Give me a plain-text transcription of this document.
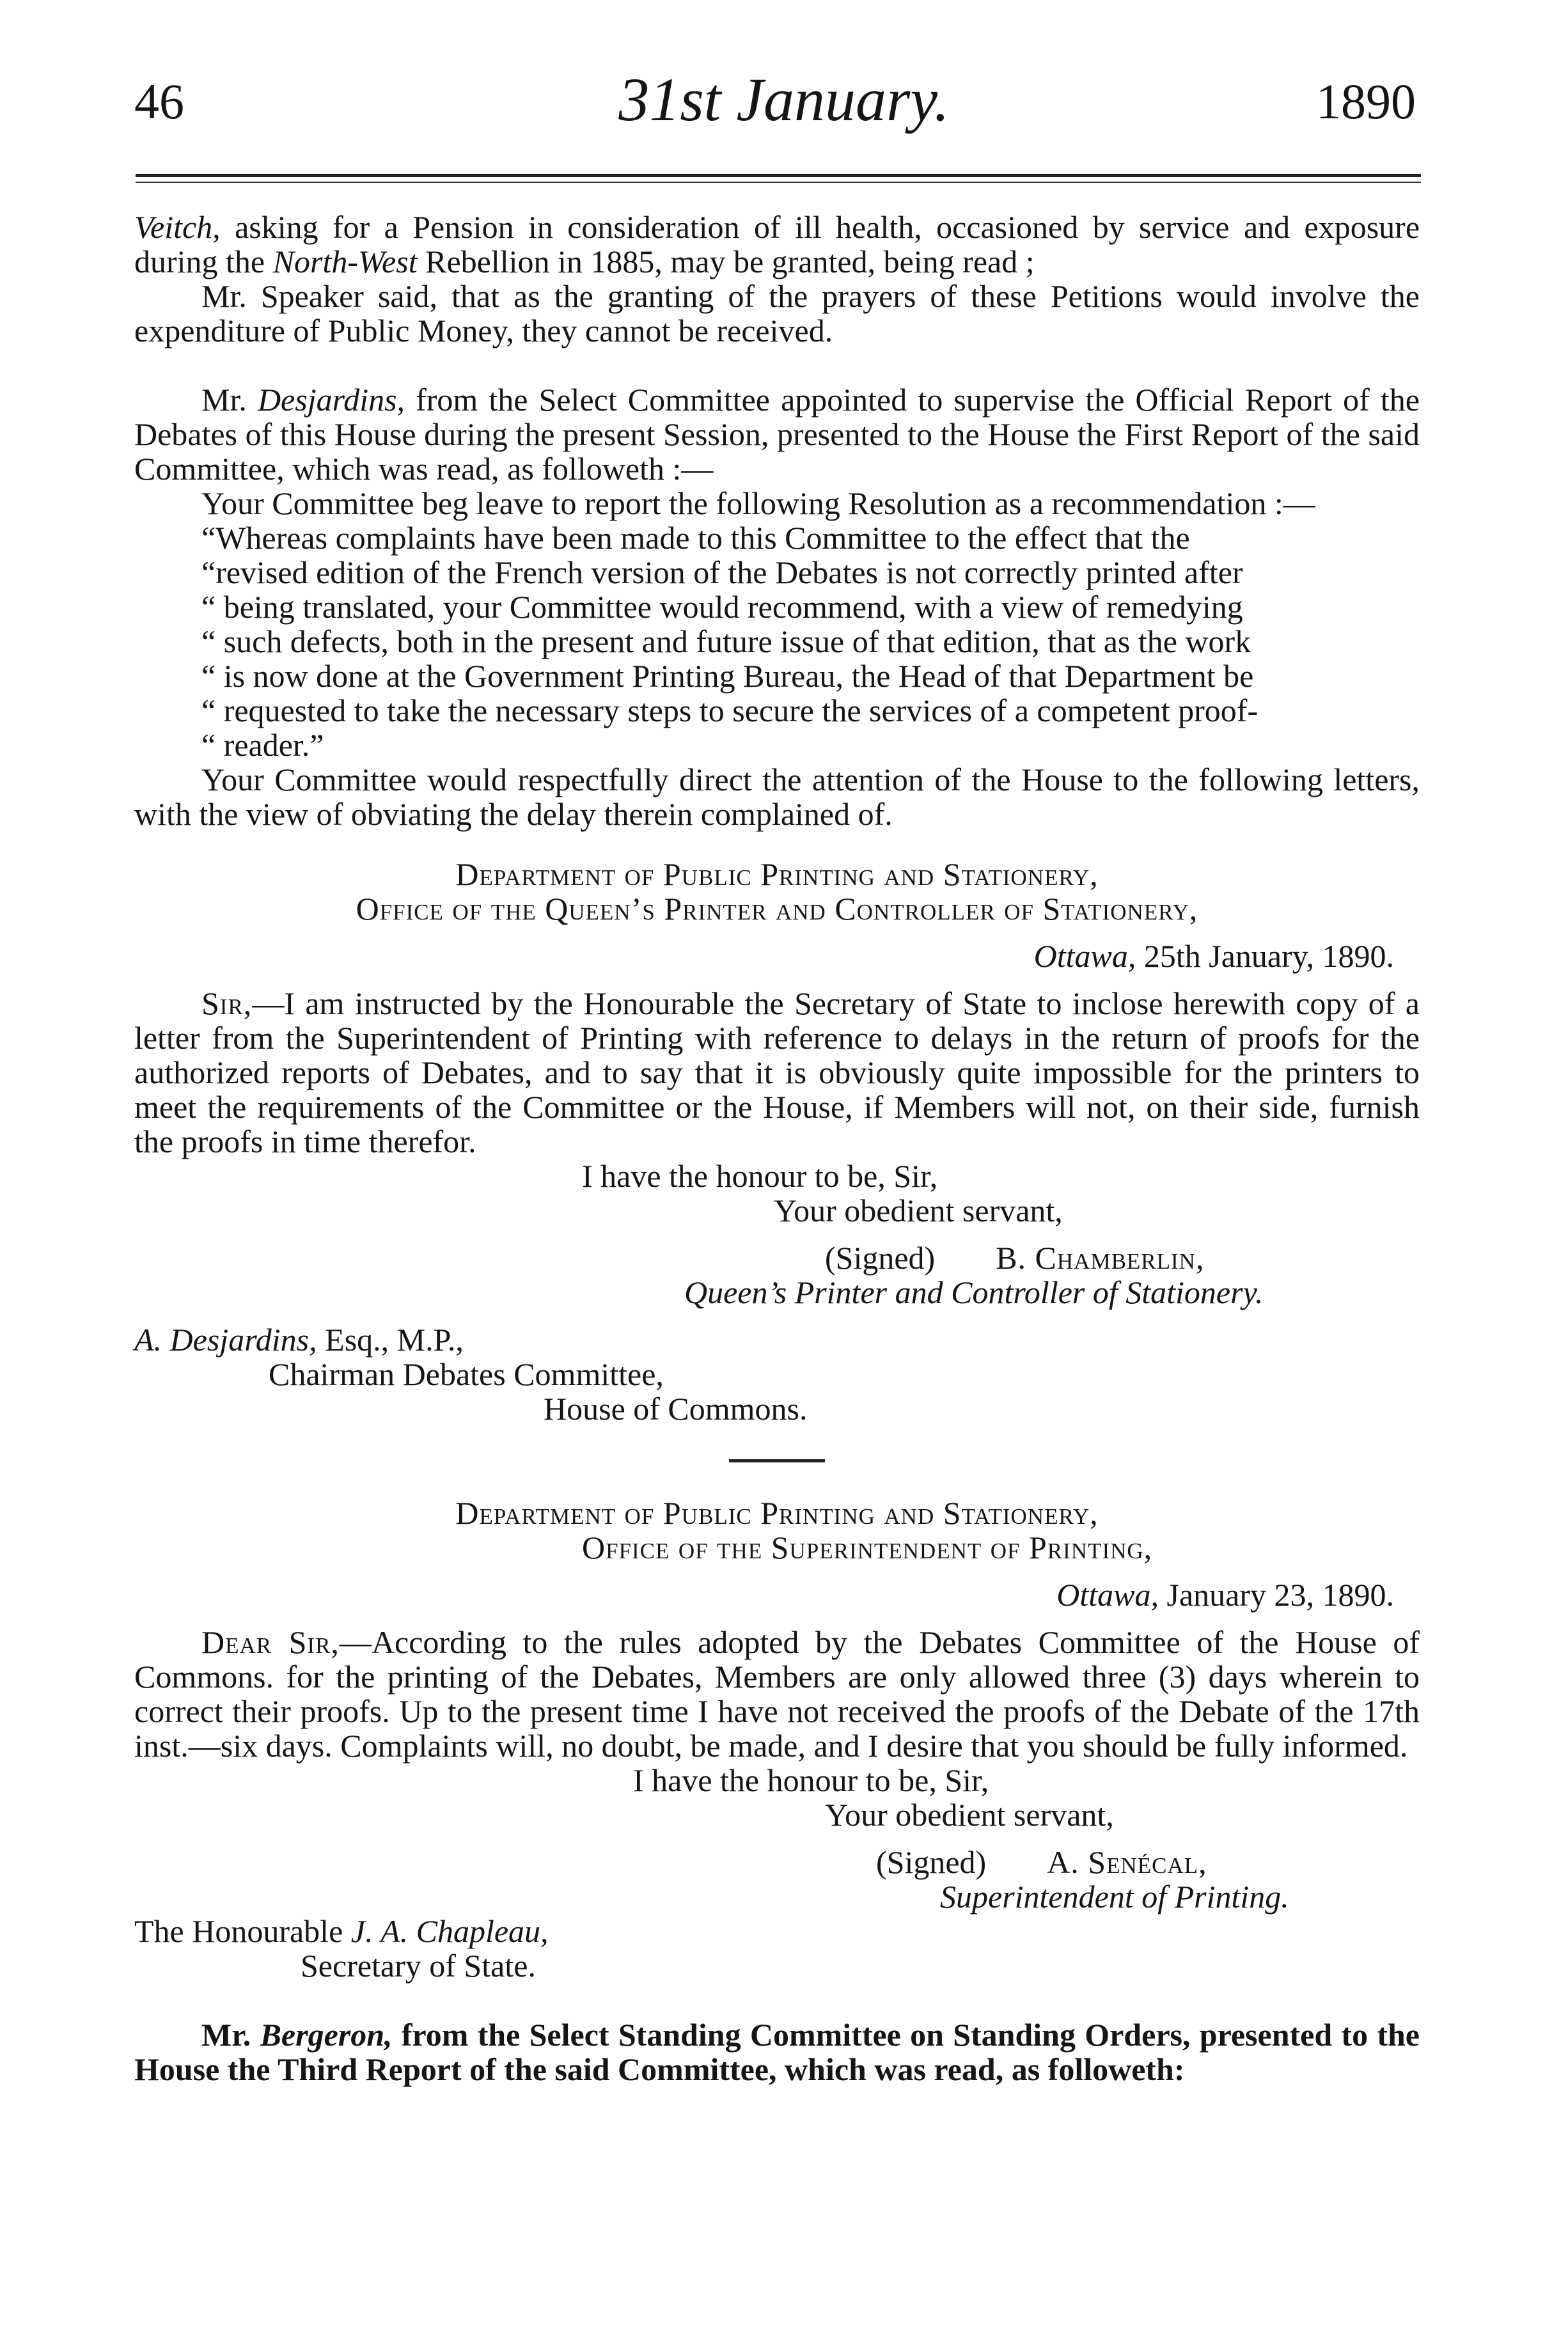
46	31st January.	1890

Veitch, asking for a Pension in consideration of ill health, occasioned by service and exposure during the North-West Rebellion in 1885, may be granted, being read ;

Mr. Speaker said, that as the granting of the prayers of these Petitions would involve the expenditure of Public Money, they cannot be received.

Mr. Desjardins, from the Select Committee appointed to supervise the Official Report of the Debates of this House during the present Session, presented to the House the First Report of the said Committee, which was read, as followeth :—

Your Committee beg leave to report the following Resolution as a recommendation :—

“Whereas complaints have been made to this Committee to the effect that the

“revised edition of the French version of the Debates is not correctly printed after

“ being translated, your Committee would recommend, with a view of remedying

“ such defects, both in the present and future issue of that edition, that as the work

“ is now done at the Government Printing Bureau, the Head of that Department be

“ requested to take the necessary steps to secure the services of a competent proof-

“ reader.”

Your Committee would respectfully direct the attention of the House to the following letters, with the view of obviating the delay therein complained of.

Department of Public Printing and Stationery,

Office of the Queen’s Printer and Controller of Stationery,

Ottawa, 25th January, 1890.

Sir,—I am instructed by the Honourable the Secretary of State to inclose herewith copy of a letter from the Superintendent of Printing with reference to delays in the return of proofs for the authorized reports of Debates, and to say that it is obviously quite impossible for the printers to meet the requirements of the Committee or the House, if Members will not, on their side, furnish the proofs in time therefor.

I have the honour to be, Sir,

Your obedient servant,

(Signed) B. Chamberlin,

Queen’s Printer and Controller of Stationery.

A. Desjardins, Esq., M.P.,

Chairman Debates Committee,

House of Commons.

Department of Public Printing and Stationery,

Office of the Superintendent of Printing,

Ottawa, January 23, 1890.

Dear Sir,—According to the rules adopted by the Debates Committee of the House of Commons. for the printing of the Debates, Members are only allowed three (3) days wherein to correct their proofs. Up to the present time I have not received the proofs of the Debate of the 17th inst.—six days. Complaints will, no doubt, be made, and I desire that you should be fully informed.

I have the honour to be, Sir,

Your obedient servant,

(Signed) A. Senécal,

Superintendent of Printing.

The Honourable J. A. Chapleau,

Secretary of State.

Mr. Bergeron, from the Select Standing Committee on Standing Orders, presented to the House the Third Report of the said Committee, which was read, as followeth:
